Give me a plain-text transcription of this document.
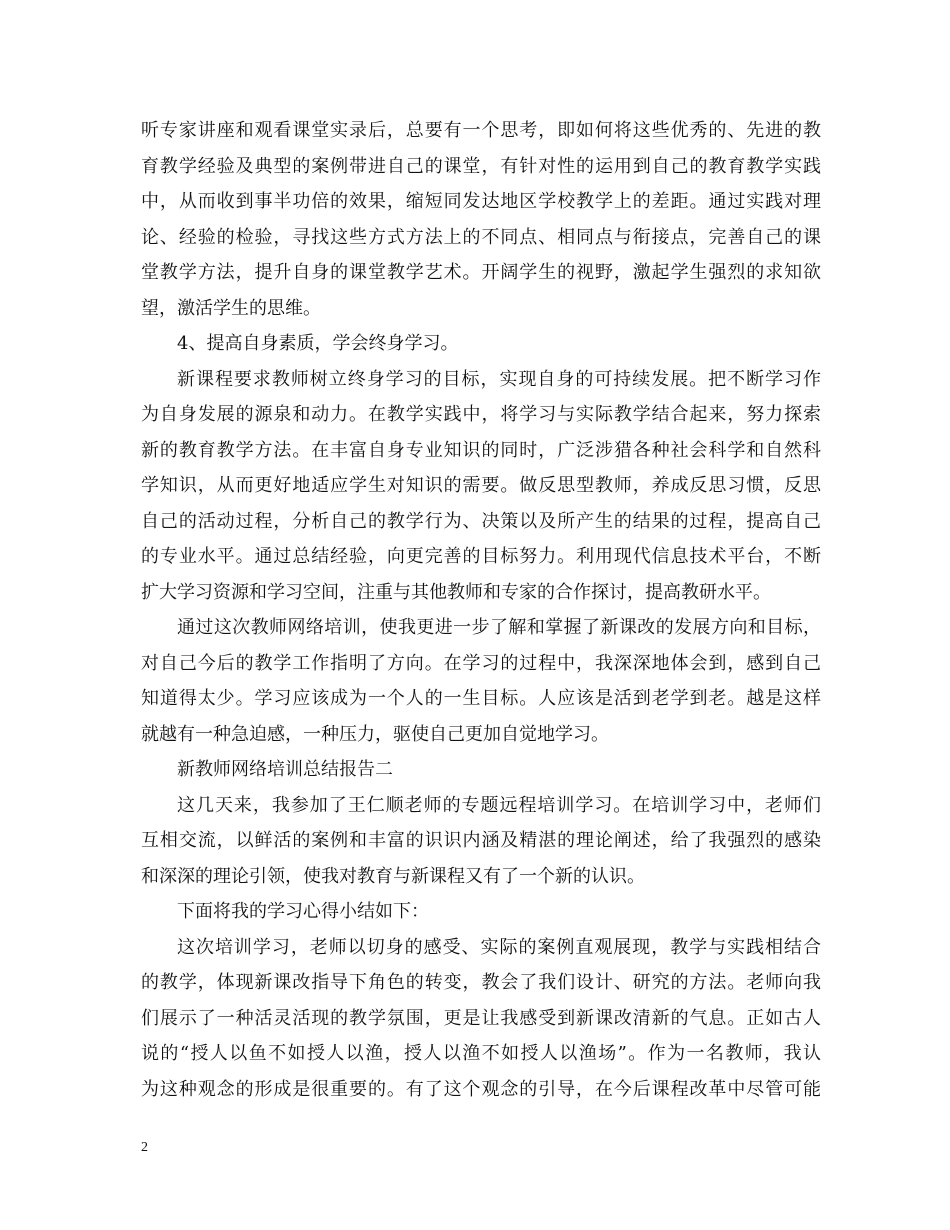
听专家讲座和观看课堂实录后，总要有一个思考，即如何将这些优秀的、先进的教
育教学经验及典型的案例带进自己的课堂，有针对性的运用到自己的教育教学实践
中，从而收到事半功倍的效果，缩短同发达地区学校教学上的差距。通过实践对理
论、经验的检验，寻找这些方式方法上的不同点、相同点与衔接点，完善自己的课
堂教学方法，提升自身的课堂教学艺术。开阔学生的视野，激起学生强烈的求知欲
望，激活学生的思维。
4、提高自身素质，学会终身学习。
新课程要求教师树立终身学习的目标，实现自身的可持续发展。把不断学习作
为自身发展的源泉和动力。在教学实践中，将学习与实际教学结合起来，努力探索
新的教育教学方法。在丰富自身专业知识的同时，广泛涉猎各种社会科学和自然科
学知识，从而更好地适应学生对知识的需要。做反思型教师，养成反思习惯，反思
自己的活动过程，分析自己的教学行为、决策以及所产生的结果的过程，提高自己
的专业水平。通过总结经验，向更完善的目标努力。利用现代信息技术平台，不断
扩大学习资源和学习空间，注重与其他教师和专家的合作探讨，提高教研水平。
通过这次教师网络培训，使我更进一步了解和掌握了新课改的发展方向和目标，
对自己今后的教学工作指明了方向。在学习的过程中，我深深地体会到，感到自己
知道得太少。学习应该成为一个人的一生目标。人应该是活到老学到老。越是这样
就越有一种急迫感，一种压力，驱使自己更加自觉地学习。
新教师网络培训总结报告二
这几天来，我参加了王仁顺老师的专题远程培训学习。在培训学习中，老师们
互相交流，以鲜活的案例和丰富的识识内涵及精湛的理论阐述，给了我强烈的感染
和深深的理论引领，使我对教育与新课程又有了一个新的认识。
下面将我的学习心得小结如下：
这次培训学习，老师以切身的感受、实际的案例直观展现，教学与实践相结合
的教学，体现新课改指导下角色的转变，教会了我们设计、研究的方法。老师向我
们展示了一种活灵活现的教学氛围，更是让我感受到新课改清新的气息。正如古人
说的“授人以鱼不如授人以渔，授人以渔不如授人以渔场”。作为一名教师，我认
为这种观念的形成是很重要的。有了这个观念的引导，在今后课程改革中尽管可能
2
